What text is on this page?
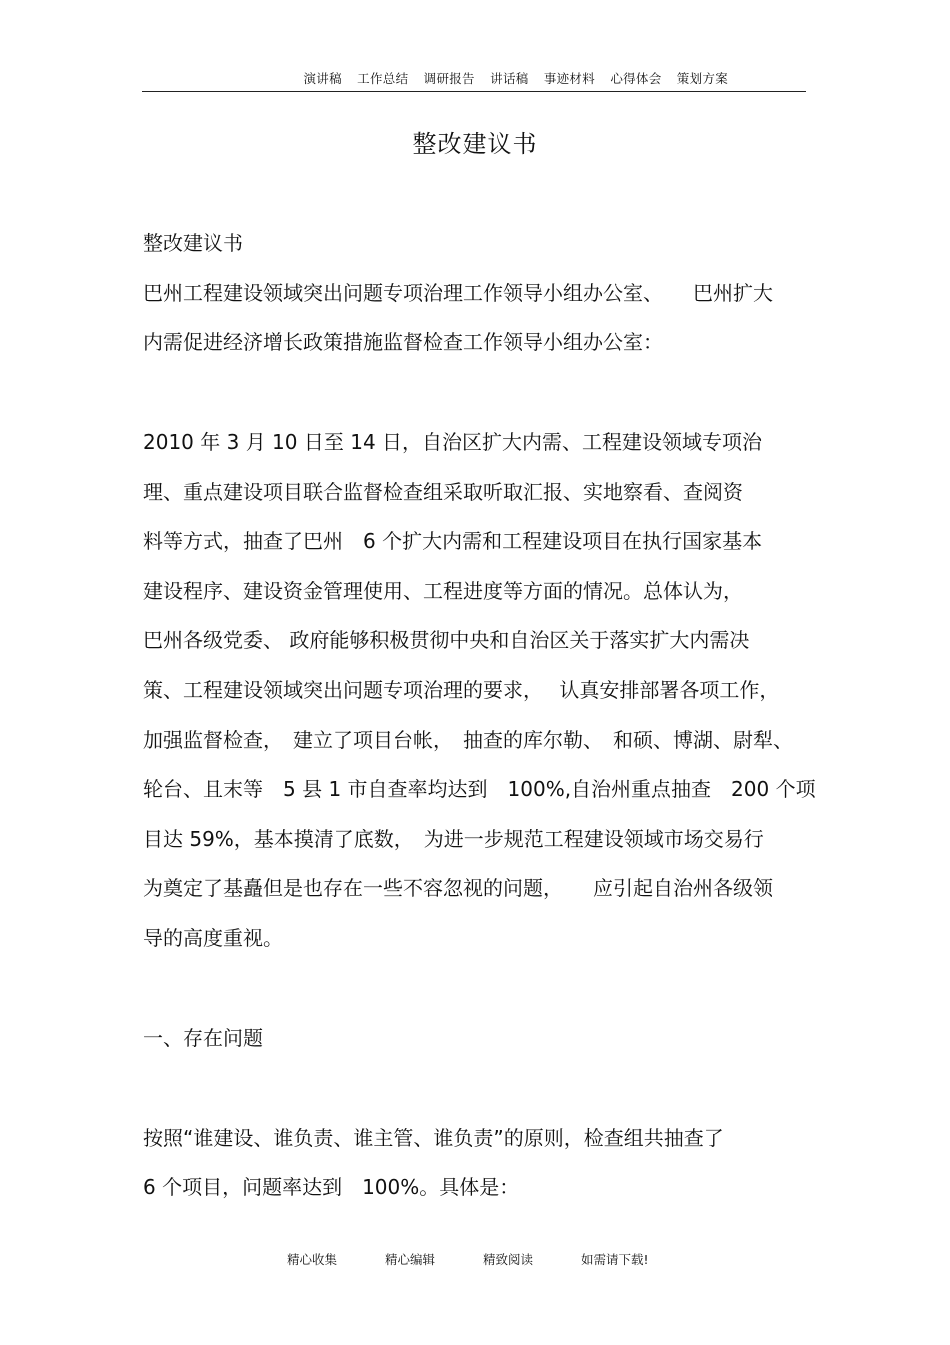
演讲稿 工作总结 调研报告 讲话稿 事迹材料 心得体会 策划方案
整改建议书
整改建议书
巴州工程建设领域突出问题专项治理工作领导小组办公室、　　巴州扩大
内需促进经济增长政策措施监督检查工作领导小组办公室：
2010 年 3 月 10 日至 14 日，自治区扩大内需、工程建设领域专项治
理、重点建设项目联合监督检查组采取听取汇报、实地察看、查阅资
料等方式，抽查了巴州　6 个扩大内需和工程建设项目在执行国家基本
建设程序、建设资金管理使用、工程进度等方面的情况。总体认为，
巴州各级党委、 政府能够积极贯彻中央和自治区关于落实扩大内需决
策、工程建设领域突出问题专项治理的要求，　 认真安排部署各项工作，
加强监督检查，　建立了项目台帐，　抽查的库尔勒、　和硕、博湖、尉犁、
轮台、且末等　5 县 1 市自查率均达到　100%,自治州重点抽查　200 个项
目达 59%，基本摸清了底数，　为进一步规范工程建设领域市场交易行
为奠定了基矗但是也存在一些不容忽视的问题，　　应引起自治州各级领
导的高度重视。
一、存在问题
按照“谁建设、谁负责、谁主管、谁负责”的原则，检查组共抽查了
6 个项目，问题率达到　100%。具体是：
精心收集	精心编辑	精致阅读	如需请下载!
